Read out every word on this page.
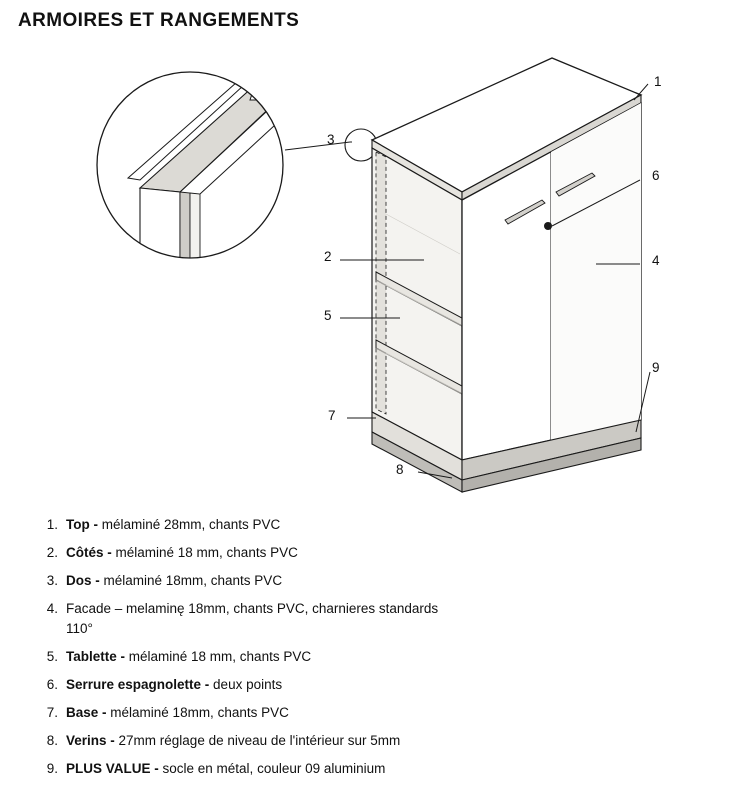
ARMOIRES ET RANGEMENTS
1
3
6
4
2
5
9
7
8
1. Top - mélaminé 28mm, chants PVC
2. Côtés - mélaminé 18 mm, chants PVC
3. Dos - mélaminé 18mm, chants PVC
4. Facade – melaminę 18mm, chants PVC, charnieres standards 110°
5. Tablette - mélaminé 18 mm, chants PVC
6. Serrure espagnolette - deux points
7. Base - mélaminé 18mm, chants PVC
8. Verins - 27mm réglage de niveau de l'intérieur sur 5mm
9. PLUS VALUE - socle en métal, couleur 09 aluminium
